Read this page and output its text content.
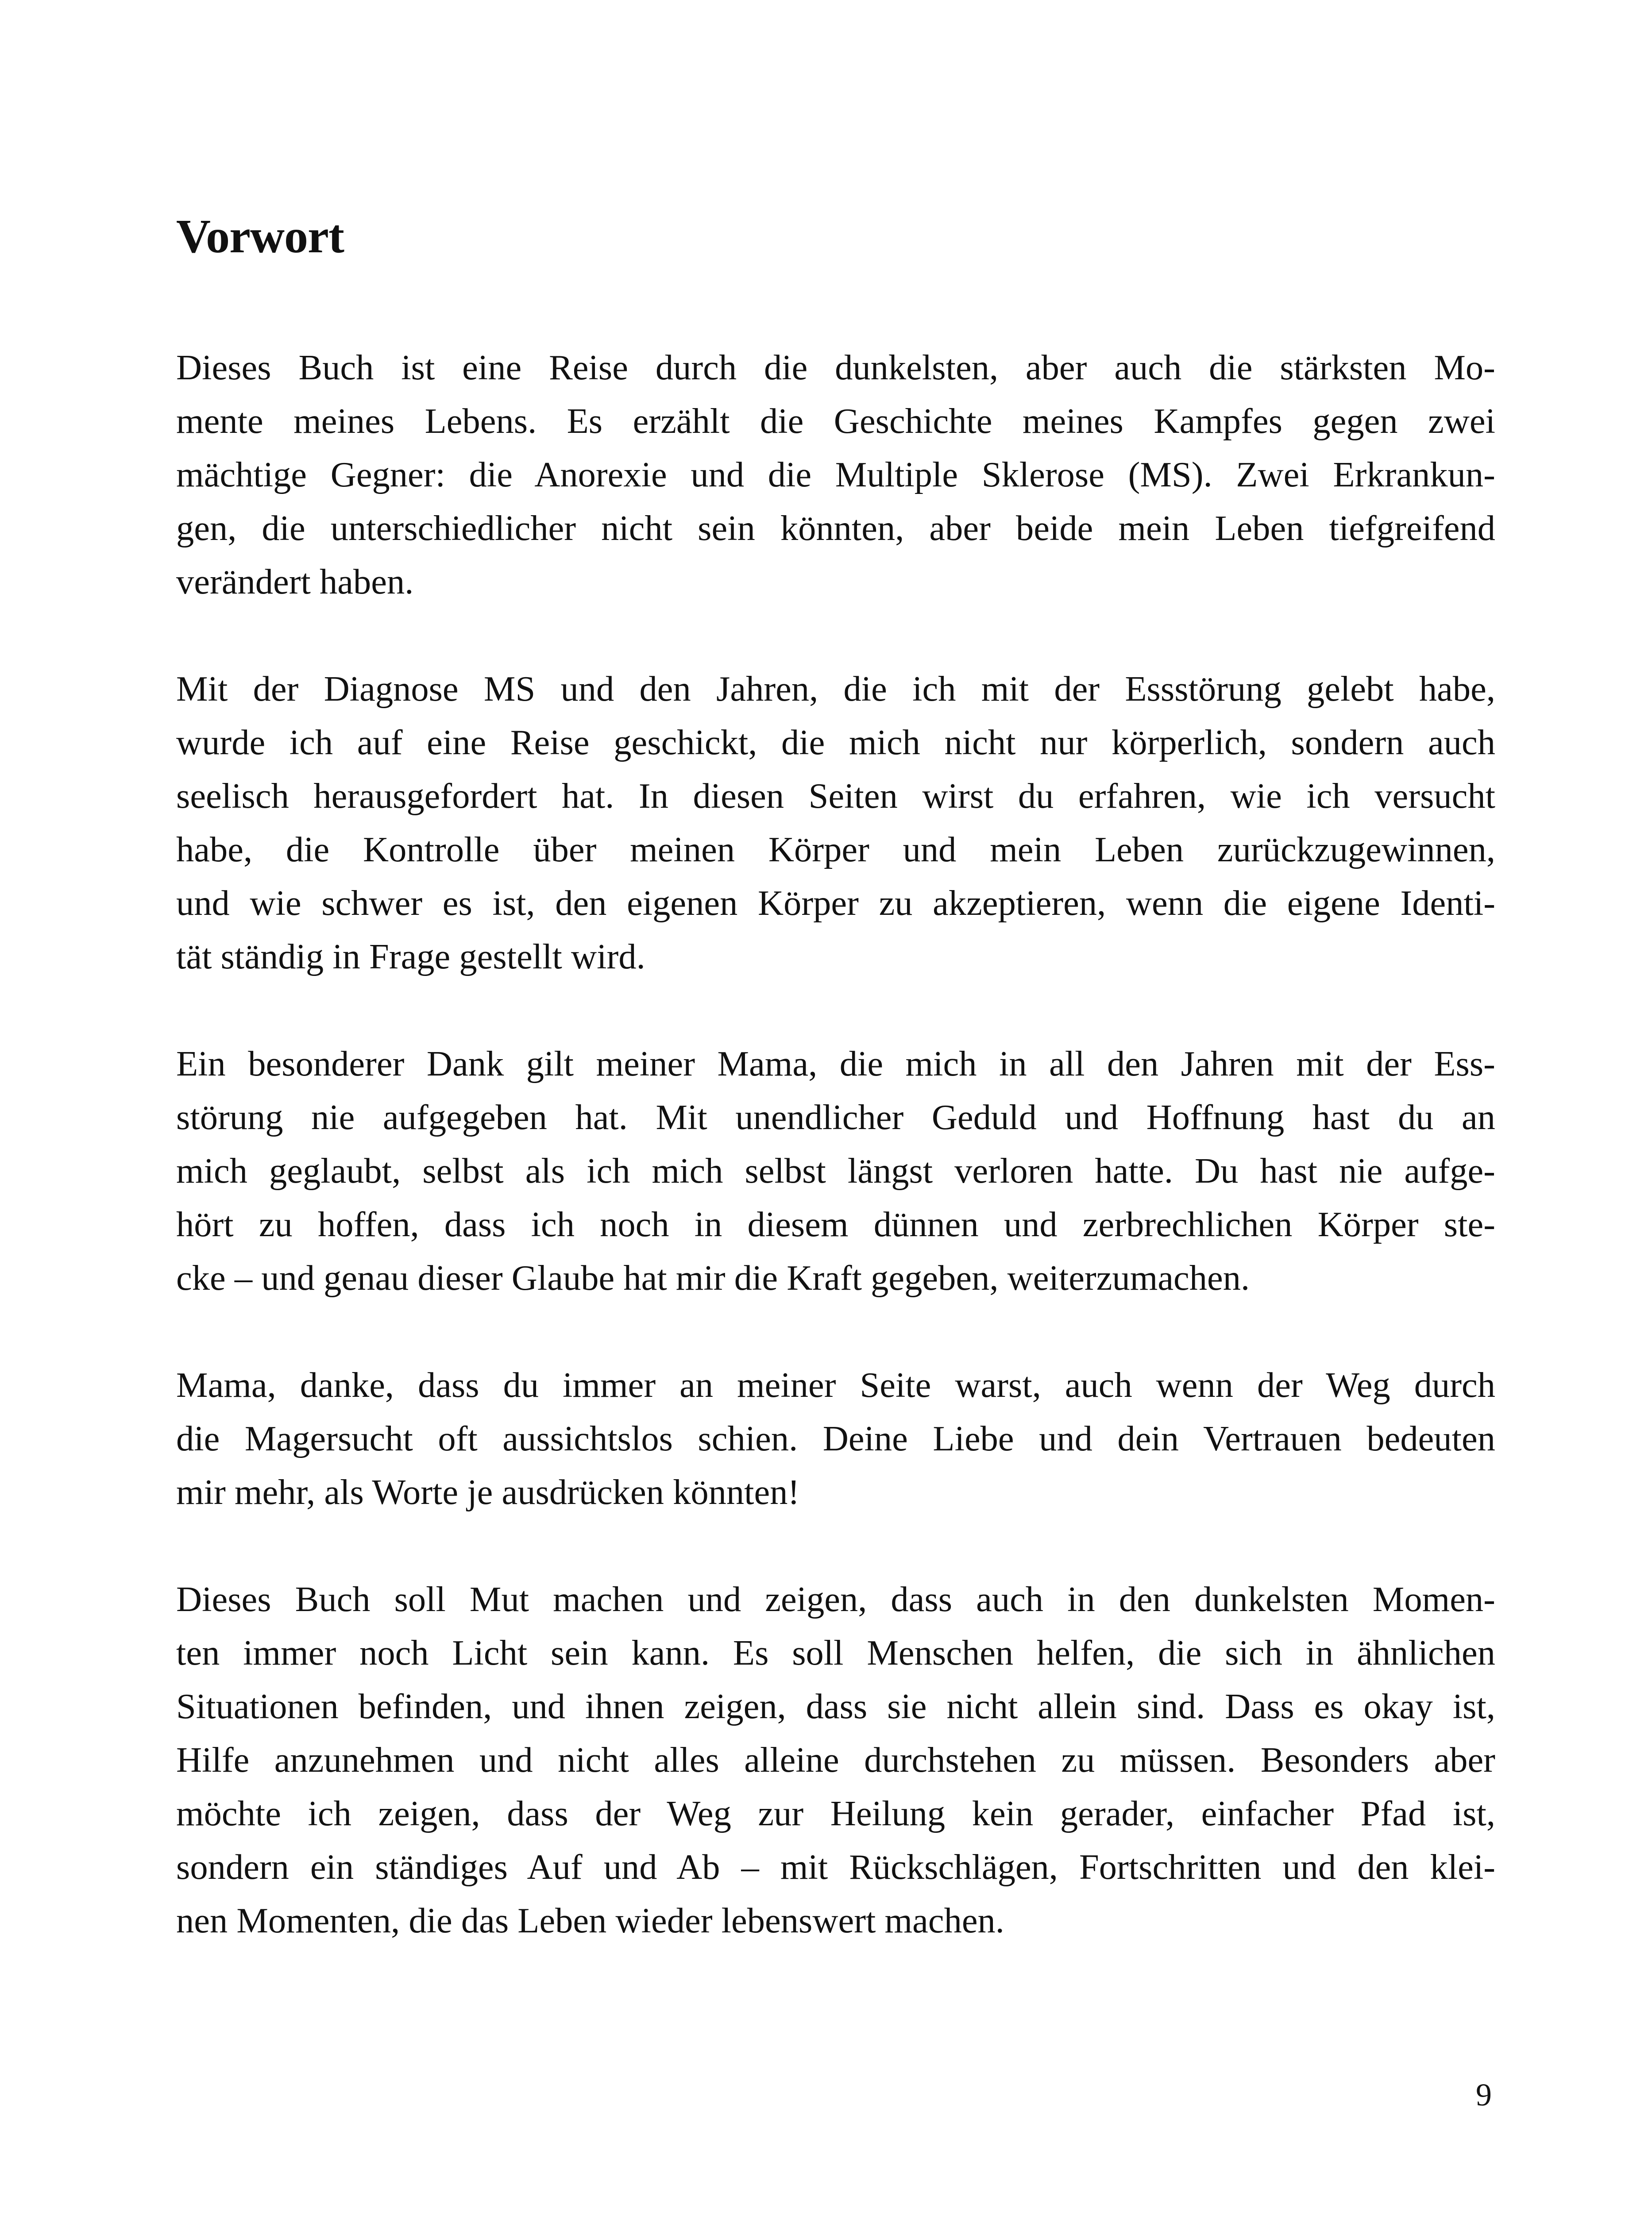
Vorwort

Dieses Buch ist eine Reise durch die dunkelsten, aber auch die stärksten Mo-
mente meines Lebens. Es erzählt die Geschichte meines Kampfes gegen zwei
mächtige Gegner: die Anorexie und die Multiple Sklerose (MS). Zwei Erkrankun-
gen, die unterschiedlicher nicht sein könnten, aber beide mein Leben tiefgreifend
verändert haben.

Mit der Diagnose MS und den Jahren, die ich mit der Essstörung gelebt habe,
wurde ich auf eine Reise geschickt, die mich nicht nur körperlich, sondern auch
seelisch herausgefordert hat. In diesen Seiten wirst du erfahren, wie ich versucht
habe, die Kontrolle über meinen Körper und mein Leben zurückzugewinnen,
und wie schwer es ist, den eigenen Körper zu akzeptieren, wenn die eigene Identi-
tät ständig in Frage gestellt wird.

Ein besonderer Dank gilt meiner Mama, die mich in all den Jahren mit der Ess-
störung nie aufgegeben hat. Mit unendlicher Geduld und Hoffnung hast du an
mich geglaubt, selbst als ich mich selbst längst verloren hatte. Du hast nie aufge-
hört zu hoffen, dass ich noch in diesem dünnen und zerbrechlichen Körper ste-
cke – und genau dieser Glaube hat mir die Kraft gegeben, weiterzumachen.

Mama, danke, dass du immer an meiner Seite warst, auch wenn der Weg durch
die Magersucht oft aussichtslos schien. Deine Liebe und dein Vertrauen bedeuten
mir mehr, als Worte je ausdrücken könnten!

Dieses Buch soll Mut machen und zeigen, dass auch in den dunkelsten Momen-
ten immer noch Licht sein kann. Es soll Menschen helfen, die sich in ähnlichen
Situationen befinden, und ihnen zeigen, dass sie nicht allein sind. Dass es okay ist,
Hilfe anzunehmen und nicht alles alleine durchstehen zu müssen. Besonders aber
möchte ich zeigen, dass der Weg zur Heilung kein gerader, einfacher Pfad ist,
sondern ein ständiges Auf und Ab – mit Rückschlägen, Fortschritten und den klei-
nen Momenten, die das Leben wieder lebenswert machen.

9
